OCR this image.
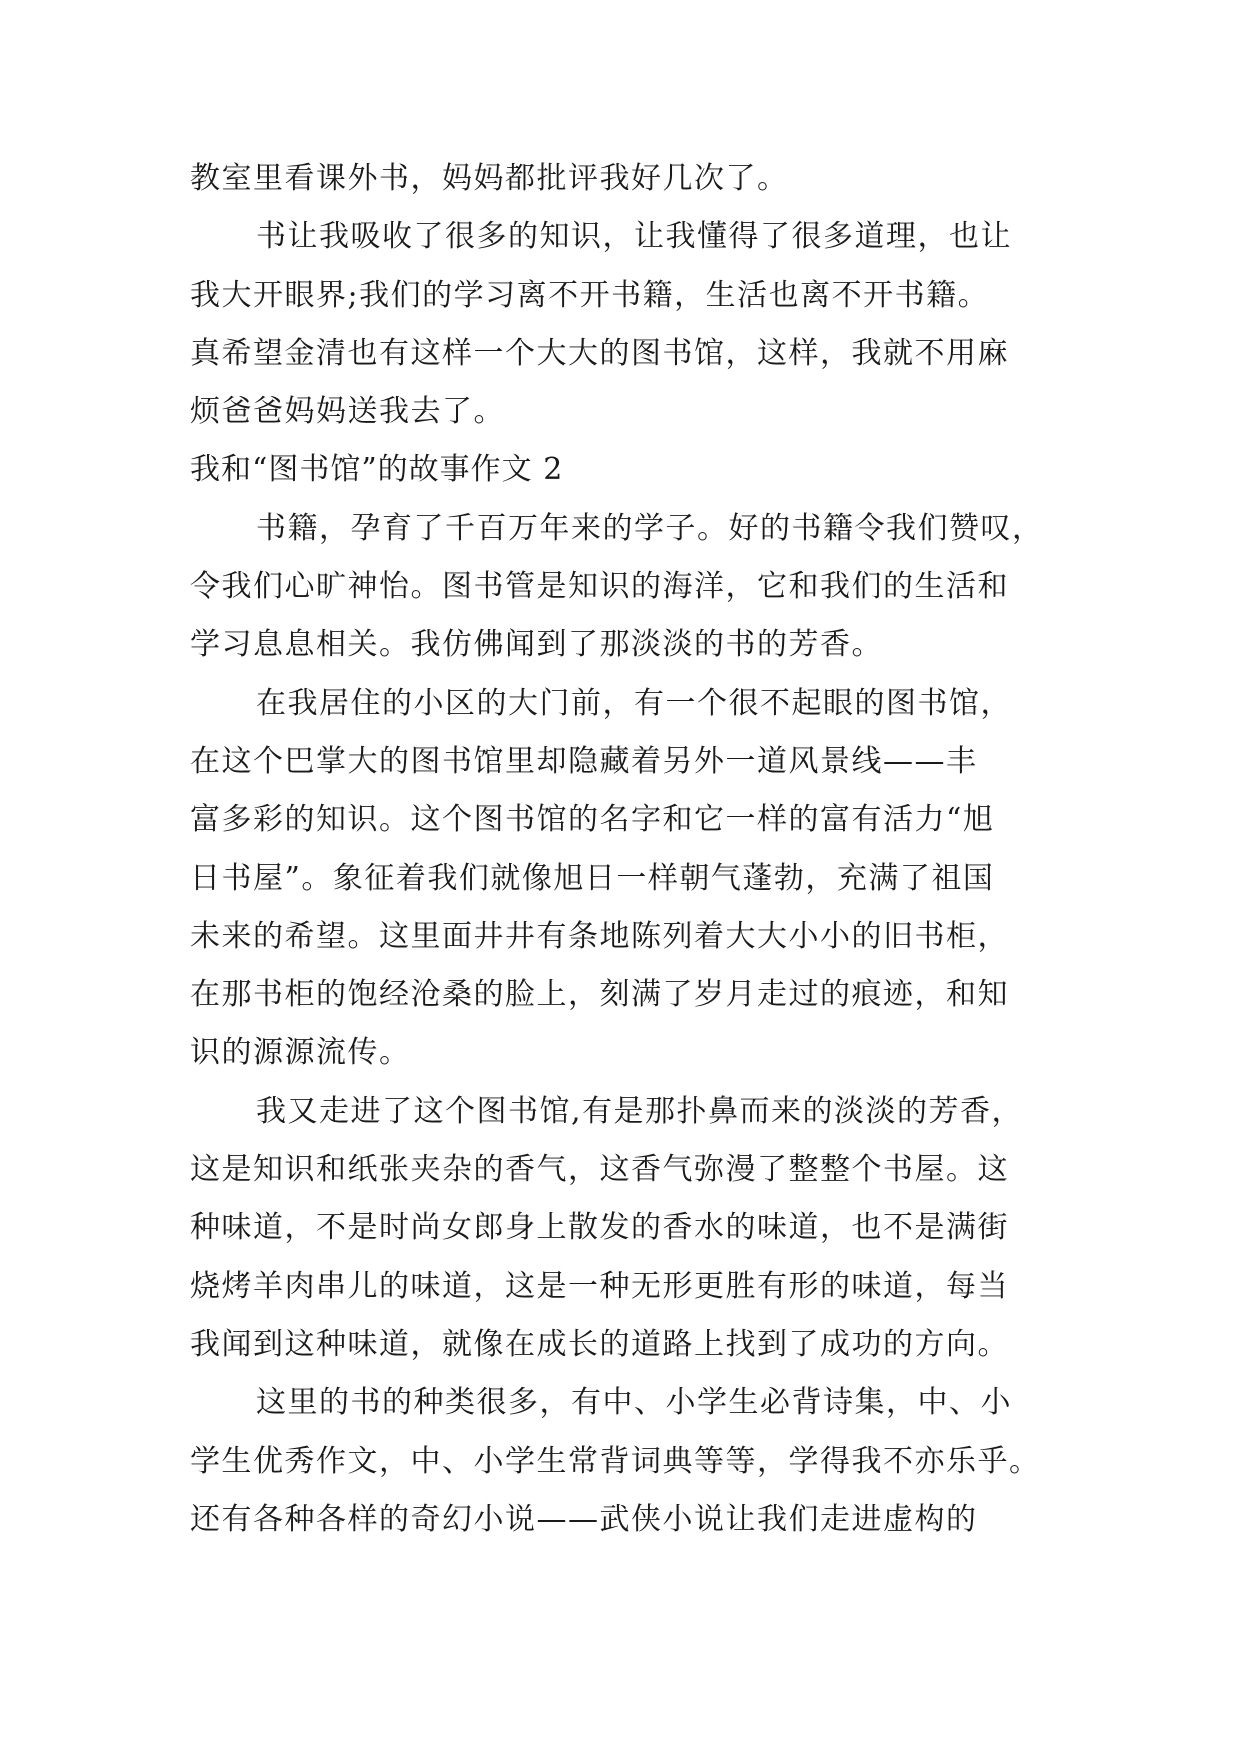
教室里看课外书，妈妈都批评我好几次了。
书让我吸收了很多的知识，让我懂得了很多道理，也让
我大开眼界;我们的学习离不开书籍，生活也离不开书籍。
真希望金清也有这样一个大大的图书馆，这样，我就不用麻
烦爸爸妈妈送我去了。
我和“图书馆”的故事作文 2
书籍，孕育了千百万年来的学子。好的书籍令我们赞叹，
令我们心旷神怡。图书管是知识的海洋，它和我们的生活和
学习息息相关。我仿佛闻到了那淡淡的书的芳香。
在我居住的小区的大门前，有一个很不起眼的图书馆，
在这个巴掌大的图书馆里却隐藏着另外一道风景线——丰
富多彩的知识。这个图书馆的名字和它一样的富有活力“旭
日书屋”。象征着我们就像旭日一样朝气蓬勃，充满了祖国
未来的希望。这里面井井有条地陈列着大大小小的旧书柜，
在那书柜的饱经沧桑的脸上，刻满了岁月走过的痕迹，和知
识的源源流传。
我又走进了这个图书馆,有是那扑鼻而来的淡淡的芳香，
这是知识和纸张夹杂的香气，这香气弥漫了整整个书屋。这
种味道，不是时尚女郎身上散发的香水的味道，也不是满街
烧烤羊肉串儿的味道，这是一种无形更胜有形的味道，每当
我闻到这种味道，就像在成长的道路上找到了成功的方向。
这里的书的种类很多，有中、小学生必背诗集，中、小
学生优秀作文，中、小学生常背词典等等，学得我不亦乐乎。
还有各种各样的奇幻小说——武侠小说让我们走进虚构的
